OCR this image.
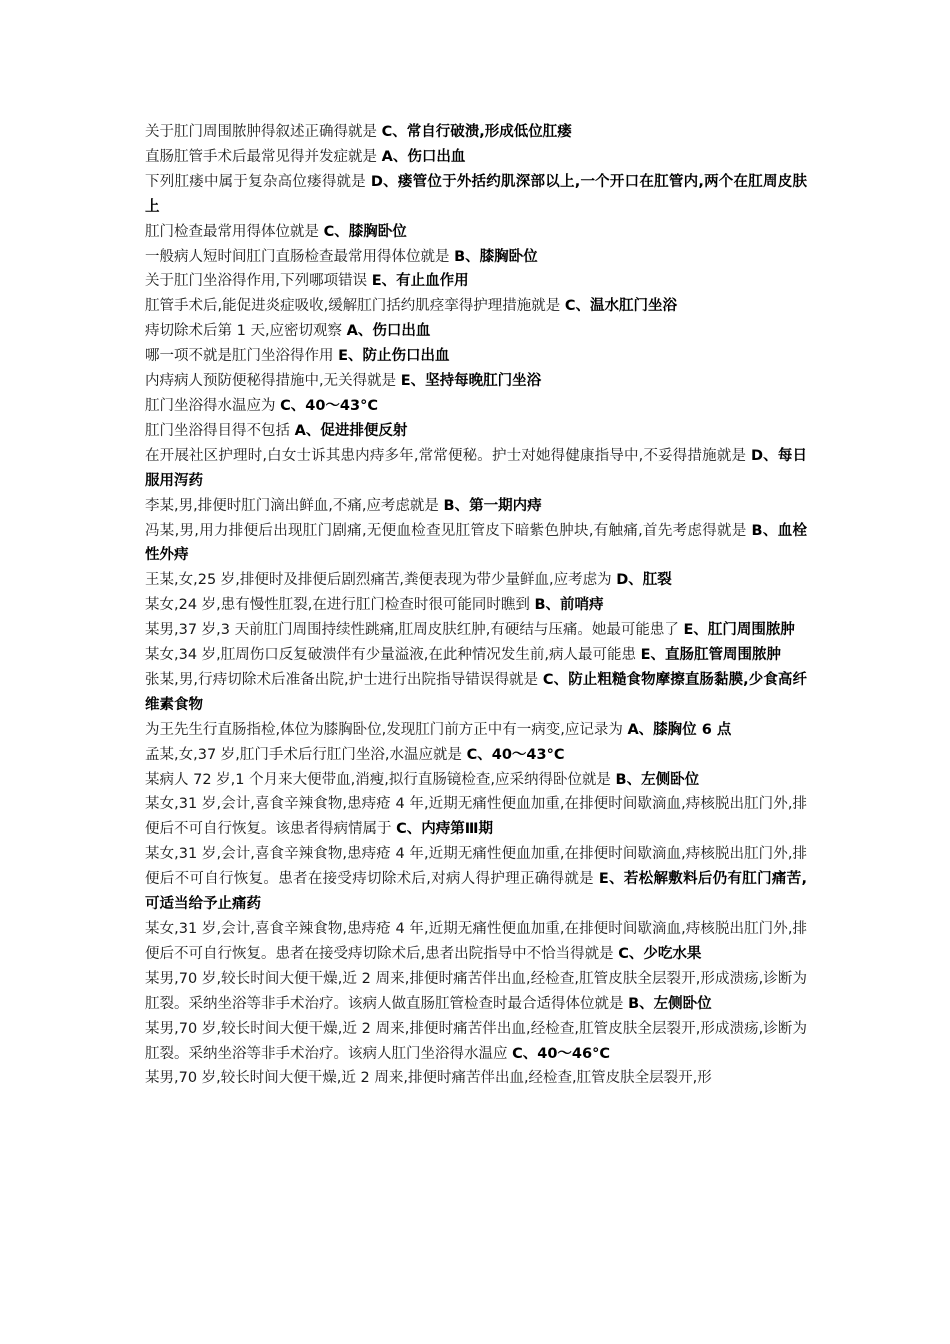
关于肛门周围脓肿得叙述正确得就是 C、常自行破溃,形成低位肛瘘

直肠肛管手术后最常见得并发症就是 A、伤口出血

下列肛瘘中属于复杂高位瘘得就是 D、瘘管位于外括约肌深部以上,一个开口在肛管内,两个在肛周皮肤上

肛门检查最常用得体位就是 C、膝胸卧位

一般病人短时间肛门直肠检查最常用得体位就是 B、膝胸卧位

关于肛门坐浴得作用,下列哪项错误 E、有止血作用

肛管手术后,能促进炎症吸收,缓解肛门括约肌痉挛得护理措施就是 C、温水肛门坐浴

痔切除术后第 1 天,应密切观察 A、伤口出血

哪一项不就是肛门坐浴得作用 E、防止伤口出血

内痔病人预防便秘得措施中,无关得就是 E、坚持每晚肛门坐浴

肛门坐浴得水温应为 C、40～43°C

肛门坐浴得目得不包括 A、促进排便反射

在开展社区护理时,白女士诉其患内痔多年,常常便秘。护士对她得健康指导中,不妥得措施就是 D、每日服用泻药

李某,男,排便时肛门滴出鲜血,不痛,应考虑就是 B、第一期内痔

冯某,男,用力排便后出现肛门剧痛,无便血检查见肛管皮下暗紫色肿块,有触痛,首先考虑得就是 B、血栓性外痔

王某,女,25 岁,排便时及排便后剧烈痛苦,粪便表现为带少量鲜血,应考虑为 D、肛裂

某女,24 岁,患有慢性肛裂,在进行肛门检查时很可能同时瞧到 B、前哨痔

某男,37 岁,3 天前肛门周围持续性跳痛,肛周皮肤红肿,有硬结与压痛。她最可能患了 E、肛门周围脓肿

某女,34 岁,肛周伤口反复破溃伴有少量溢液,在此种情况发生前,病人最可能患 E、直肠肛管周围脓肿

张某,男,行痔切除术后准备出院,护士进行出院指导错误得就是 C、防止粗糙食物摩擦直肠黏膜,少食高纤维素食物

为王先生行直肠指检,体位为膝胸卧位,发现肛门前方正中有一病变,应记录为 A、膝胸位 6 点

孟某,女,37 岁,肛门手术后行肛门坐浴,水温应就是 C、40～43°C

某病人 72 岁,1 个月来大便带血,消瘦,拟行直肠镜检查,应采纳得卧位就是 B、左侧卧位

某女,31 岁,会计,喜食辛辣食物,患痔疮 4 年,近期无痛性便血加重,在排便时间歇滴血,痔核脱出肛门外,排便后不可自行恢复。该患者得病情属于 C、内痔第Ⅲ期

某女,31 岁,会计,喜食辛辣食物,患痔疮 4 年,近期无痛性便血加重,在排便时间歇滴血,痔核脱出肛门外,排便后不可自行恢复。患者在接受痔切除术后,对病人得护理正确得就是 E、若松解敷料后仍有肛门痛苦,可适当给予止痛药

某女,31 岁,会计,喜食辛辣食物,患痔疮 4 年,近期无痛性便血加重,在排便时间歇滴血,痔核脱出肛门外,排便后不可自行恢复。患者在接受痔切除术后,患者出院指导中不恰当得就是 C、少吃水果

某男,70 岁,较长时间大便干燥,近 2 周来,排便时痛苦伴出血,经检查,肛管皮肤全层裂开,形成溃疡,诊断为肛裂。采纳坐浴等非手术治疗。该病人做直肠肛管检查时最合适得体位就是 B、左侧卧位

某男,70 岁,较长时间大便干燥,近 2 周来,排便时痛苦伴出血,经检查,肛管皮肤全层裂开,形成溃疡,诊断为肛裂。采纳坐浴等非手术治疗。该病人肛门坐浴得水温应 C、40～46°C

某男,70 岁,较长时间大便干燥,近 2 周来,排便时痛苦伴出血,经检查,肛管皮肤全层裂开,形
